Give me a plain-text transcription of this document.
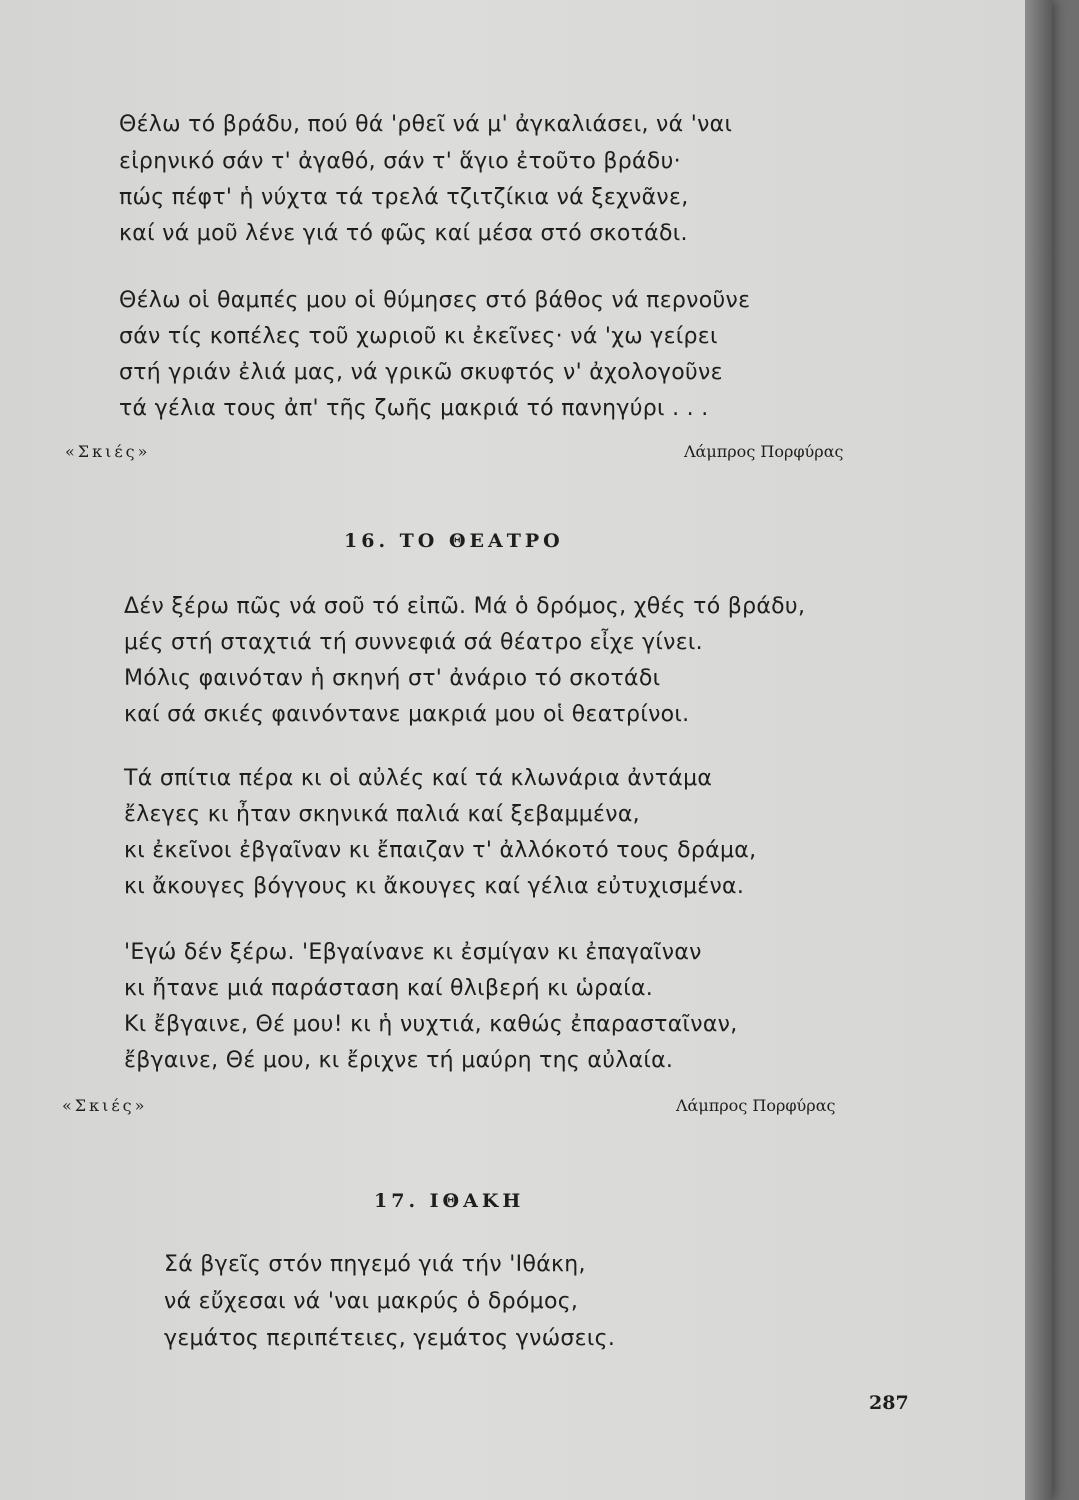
Θέλω τό βράδυ, πού θά 'ρθεῖ νά μ' ἀγκαλιάσει, νά 'ναι
εἰρηνικό σάν τ' ἀγαθό, σάν τ' ἅγιο ἐτοῦτο βράδυ·
πώς πέφτ' ἡ νύχτα τά τρελά τζιτζίκια νά ξεχνᾶνε,
καί νά μοῦ λένε γιά τό φῶς καί μέσα στό σκοτάδι.
Θέλω οἱ θαμπές μου οἱ θύμησες στό βάθος νά περνοῦνε
σάν τίς κοπέλες τοῦ χωριοῦ κι ἐκεῖνες· νά 'χω γείρει
στή γριάν ἐλιά μας, νά γρικῶ σκυφτός ν' ἀχολογοῦνε
τά γέλια τους ἀπ' τῆς ζωῆς μακριά τό πανηγύρι . . .
«Σκιές»	Λάμπρος Πορφύρας
16. ΤΟ ΘΕΑΤΡΟ
Δέν ξέρω πῶς νά σοῦ τό εἰπῶ. Μά ὁ δρόμος, χθές τό βράδυ,
μές στή σταχτιά τή συννεφιά σά θέατρο εἶχε γίνει.
Μόλις φαινόταν ἡ σκηνή στ' ἀνάριο τό σκοτάδι
καί σά σκιές φαινόντανε μακριά μου οἱ θεατρίνοι.
Τά σπίτια πέρα κι οἱ αὐλές καί τά κλωνάρια ἀντάμα
ἔλεγες κι ἦταν σκηνικά παλιά καί ξεβαμμένα,
κι ἐκεῖνοι ἐβγαῖναν κι ἔπαιζαν τ' ἀλλόκοτό τους δράμα,
κι ἄκουγες βόγγους κι ἄκουγες καί γέλια εὐτυχισμένα.
'Εγώ δέν ξέρω. 'Εβγαίνανε κι ἐσμίγαν κι ἐπαγαῖναν
κι ἤτανε μιά παράσταση καί θλιβερή κι ὡραία.
Κι ἔβγαινε, Θέ μου! κι ἡ νυχτιά, καθώς ἐπαρασταῖναν,
ἔβγαινε, Θέ μου, κι ἔριχνε τή μαύρη της αὐλαία.
«Σκιές»	Λάμπρος Πορφύρας
17. ΙΘΑΚΗ
Σά βγεῖς στόν πηγεμό γιά τήν 'Ιθάκη,
νά εὔχεσαι νά 'ναι μακρύς ὁ δρόμος,
γεμάτος περιπέτειες, γεμάτος γνώσεις.
287
